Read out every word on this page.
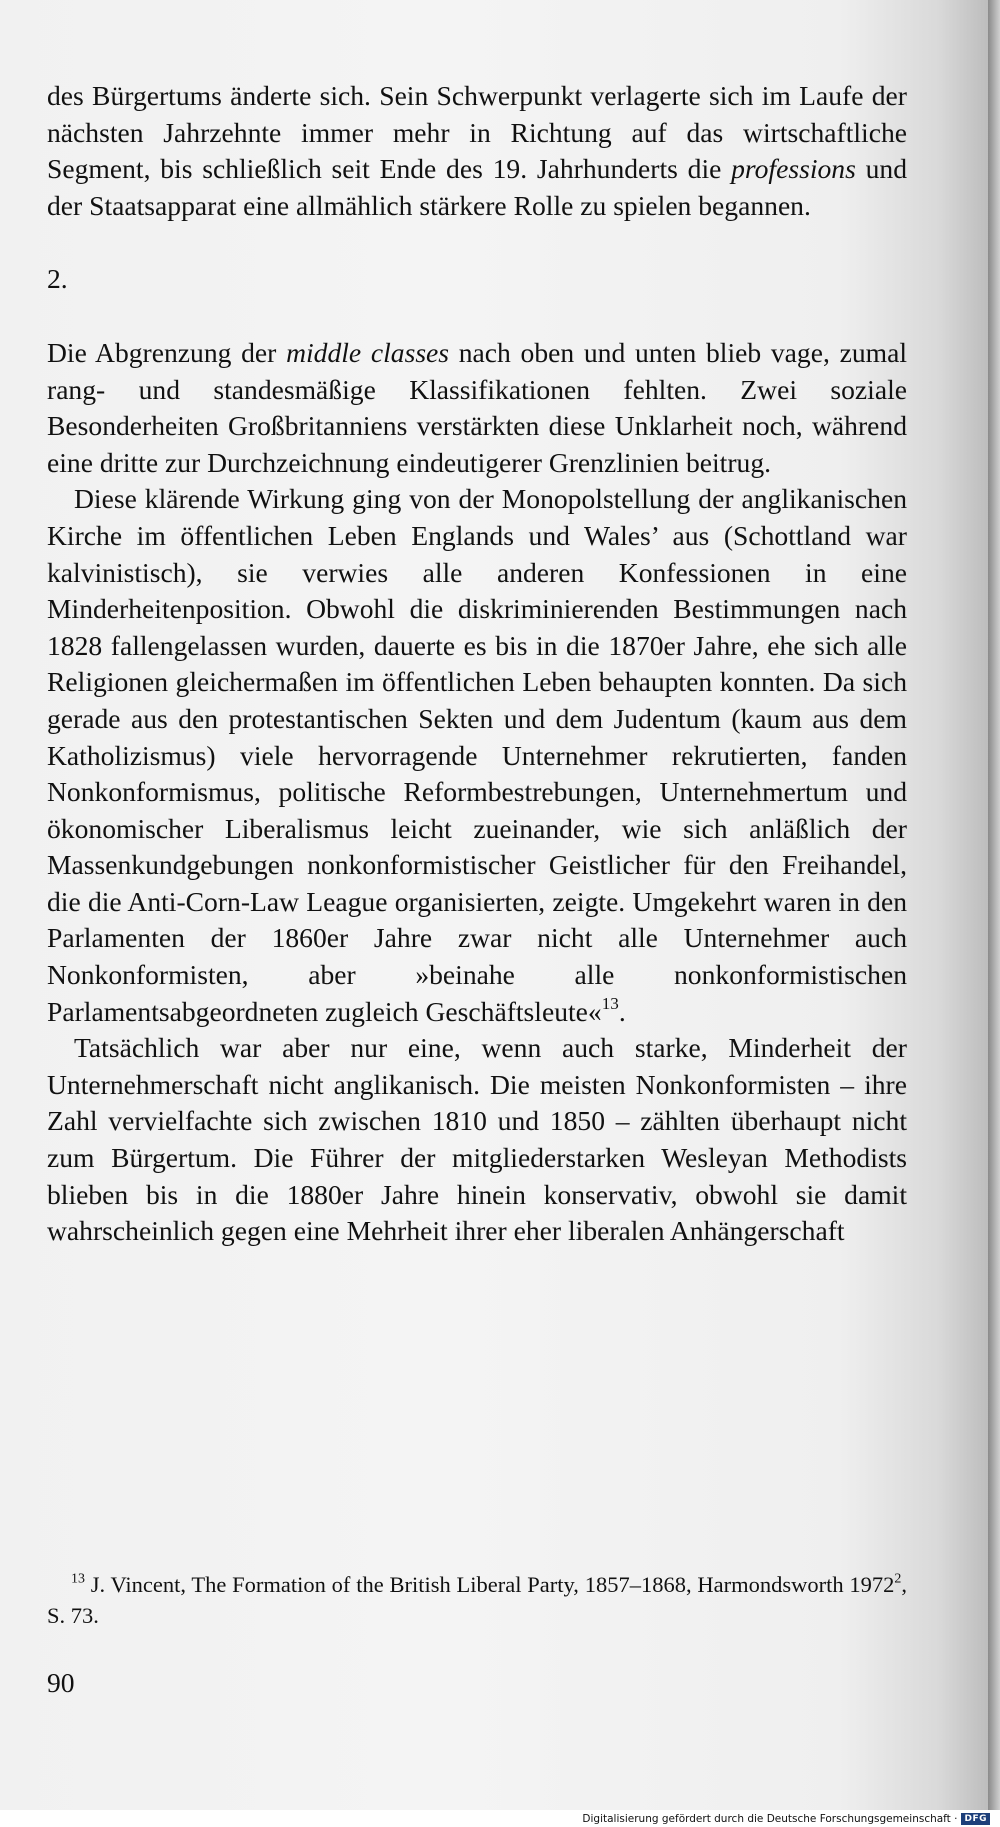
des Bürgertums änderte sich. Sein Schwerpunkt verlagerte sich im Laufe der nächsten Jahrzehnte immer mehr in Richtung auf das wirtschaftliche Segment, bis schließlich seit Ende des 19. Jahrhunderts die professions und der Staatsapparat eine allmählich stärkere Rolle zu spielen begannen.

2.

Die Abgrenzung der middle classes nach oben und unten blieb vage, zumal rang- und standesmäßige Klassifikationen fehlten. Zwei soziale Besonderheiten Großbritanniens verstärkten diese Unklarheit noch, während eine dritte zur Durchzeichnung eindeutigerer Grenzlinien beitrug.

Diese klärende Wirkung ging von der Monopolstellung der anglikanischen Kirche im öffentlichen Leben Englands und Wales’ aus (Schottland war kalvinistisch), sie verwies alle anderen Konfessionen in eine Minderheitenposition. Obwohl die diskriminierenden Bestimmungen nach 1828 fallengelassen wurden, dauerte es bis in die 1870er Jahre, ehe sich alle Religionen gleichermaßen im öffentlichen Leben behaupten konnten. Da sich gerade aus den protestantischen Sekten und dem Judentum (kaum aus dem Katholizismus) viele hervorragende Unternehmer rekrutierten, fanden Nonkonformismus, politische Reformbestrebungen, Unternehmertum und ökonomischer Liberalismus leicht zueinander, wie sich anläßlich der Massenkundgebungen nonkonformistischer Geistlicher für den Freihandel, die die Anti-Corn-Law League organisierten, zeigte. Umgekehrt waren in den Parlamenten der 1860er Jahre zwar nicht alle Unternehmer auch Nonkonformisten, aber »beinahe alle nonkonformistischen Parlamentsabgeordneten zugleich Geschäftsleute«$^{13}$.

Tatsächlich war aber nur eine, wenn auch starke, Minderheit der Unternehmerschaft nicht anglikanisch. Die meisten Nonkonformisten – ihre Zahl vervielfachte sich zwischen 1810 und 1850 – zählten überhaupt nicht zum Bürgertum. Die Führer der mitgliederstarken Wesleyan Methodists blieben bis in die 1880er Jahre hinein konservativ, obwohl sie damit wahrscheinlich gegen eine Mehrheit ihrer eher liberalen Anhängerschaft

$^{13}$ J. Vincent, The Formation of the British Liberal Party, 1857–1868, Harmondsworth 1972$^2$, S. 73.
90
Digitalisierung gefördert durch die Deutsche Forschungsgemeinschaft · DFG
